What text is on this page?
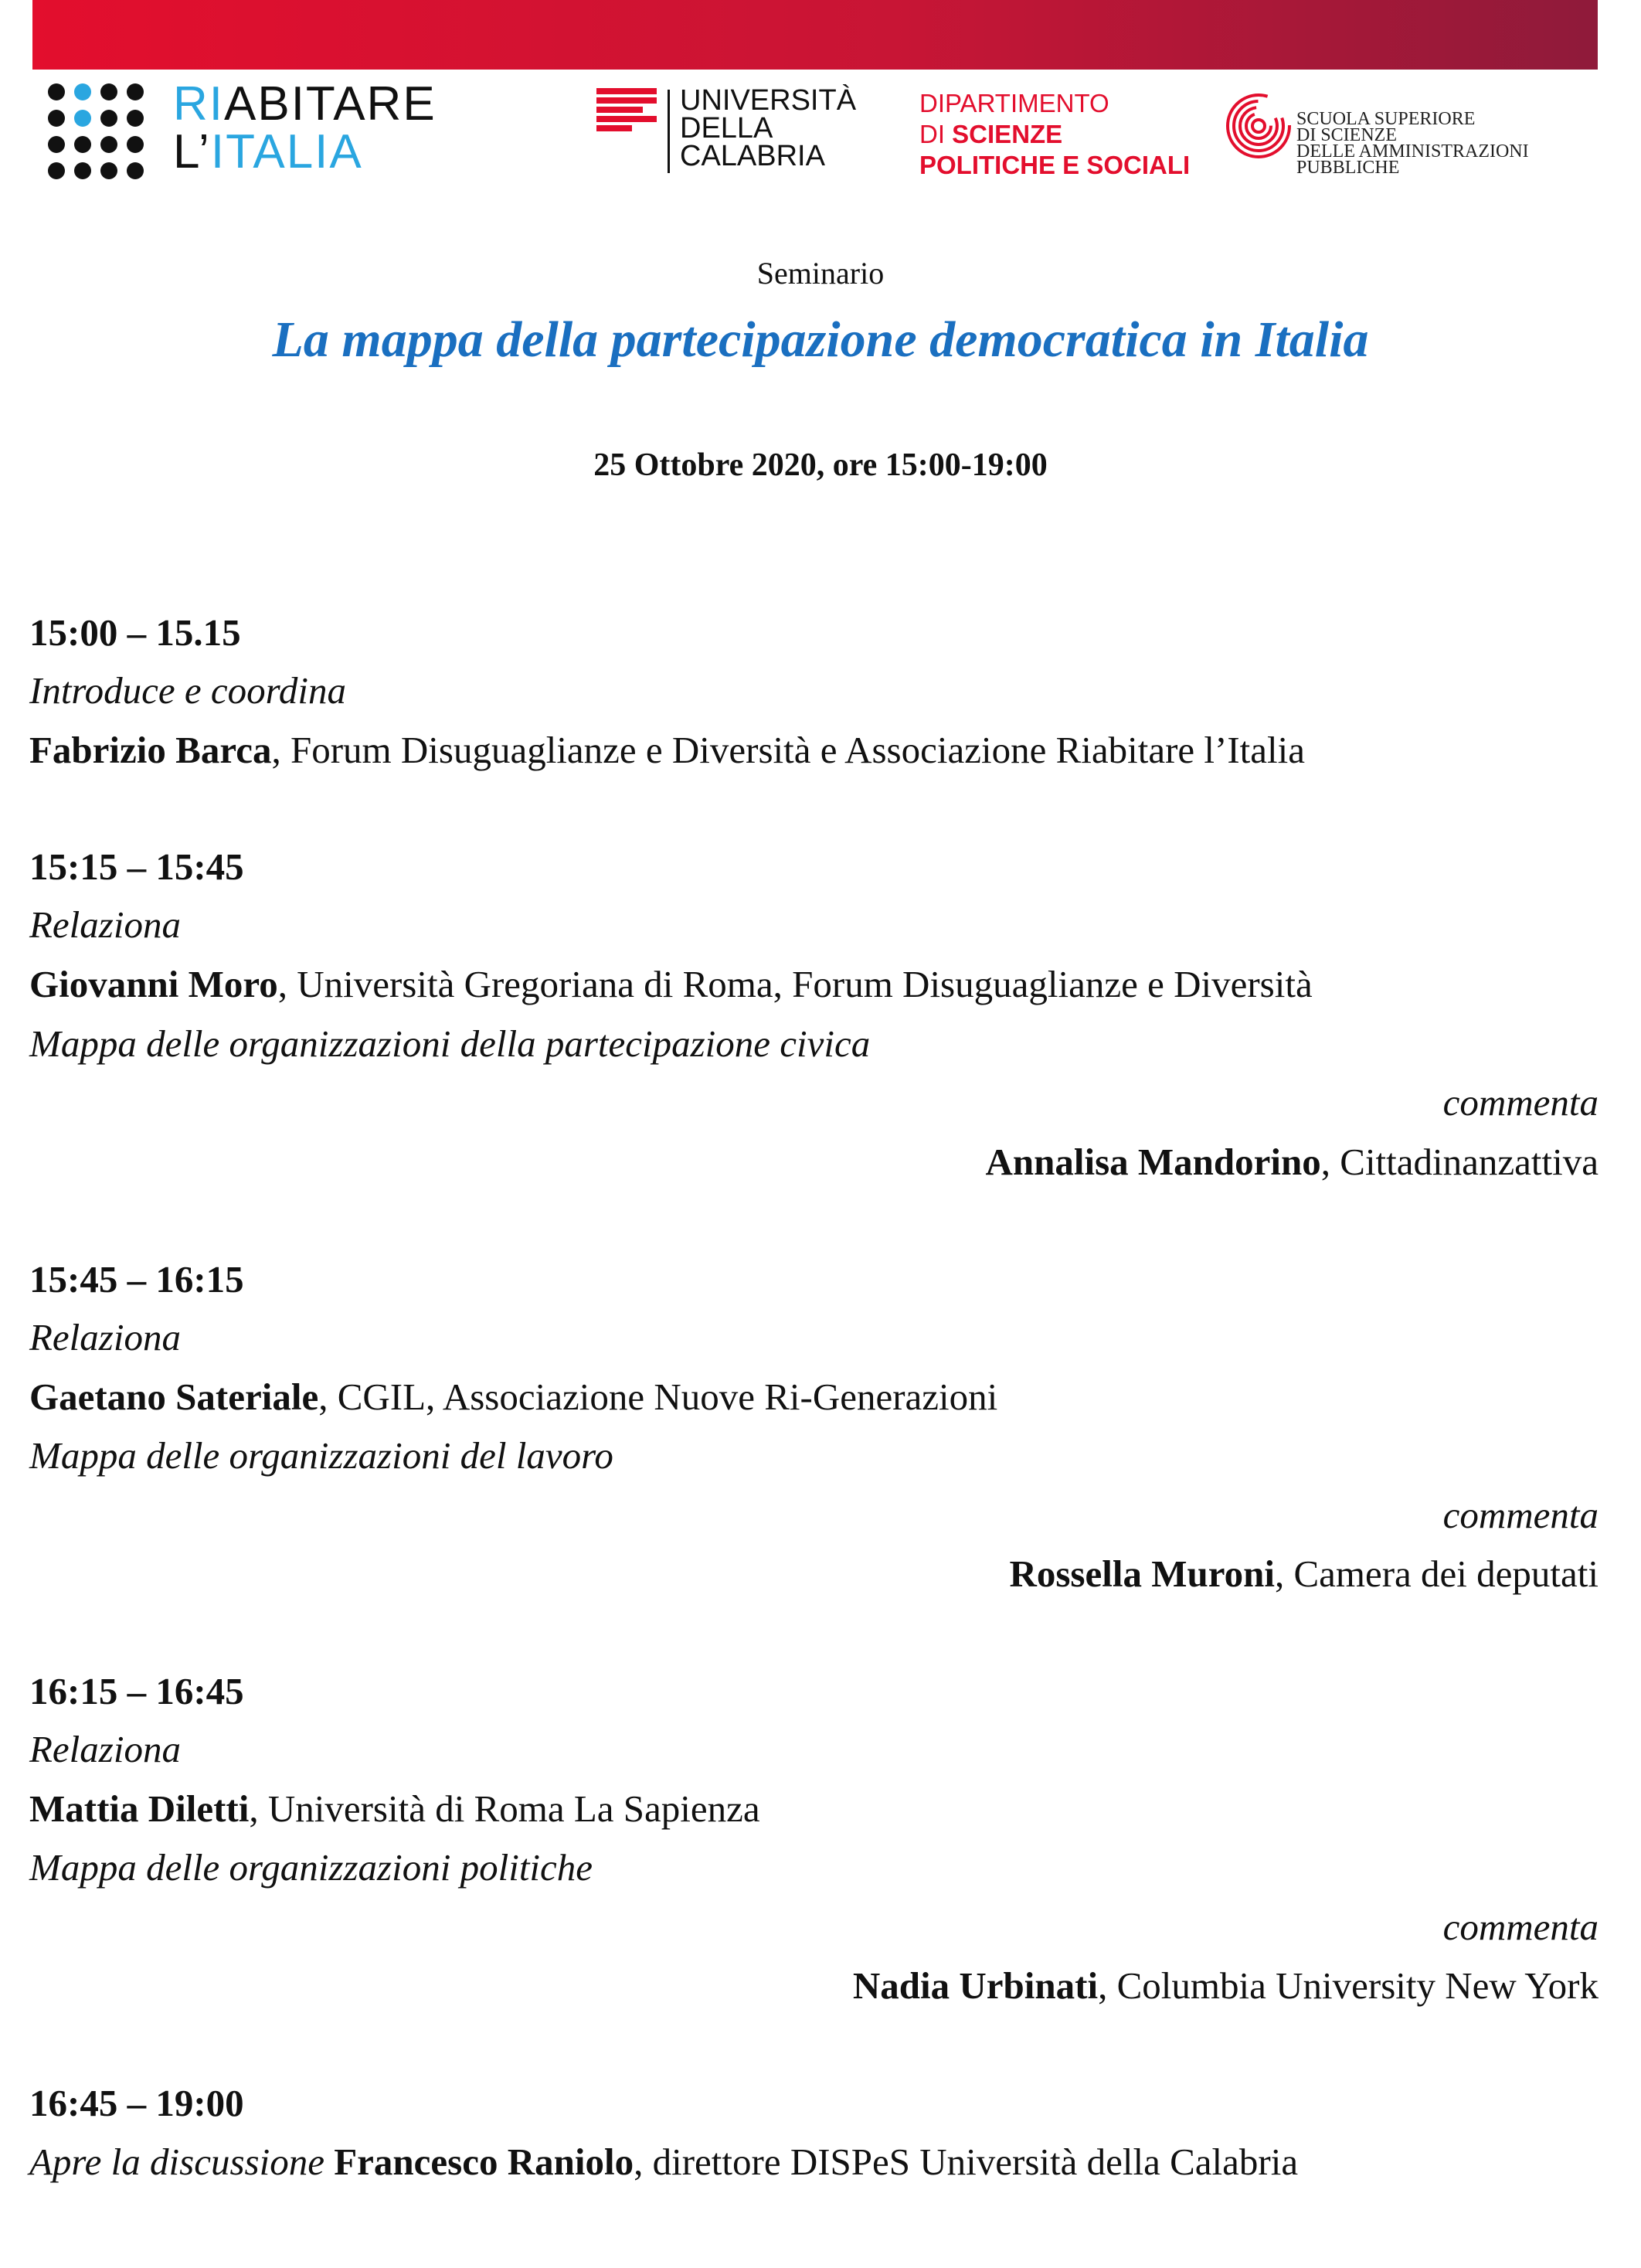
RIABITARE
L’ITALIA
UNIVERSITÀ
DELLA
CALABRIA
DIPARTIMENTO
DI SCIENZE
POLITICHE E SOCIALI
SCUOLA SUPERIORE
DI SCIENZE
DELLE AMMINISTRAZIONI
PUBBLICHE
Seminario
La mappa della partecipazione democratica in Italia
25 Ottobre 2020, ore 15:00-19:00
15:00 – 15.15
Introduce e coordina
Fabrizio Barca, Forum Disuguaglianze e Diversità e Associazione Riabitare l’Italia
15:15 – 15:45
Relaziona
Giovanni Moro, Università Gregoriana di Roma, Forum Disuguaglianze e Diversità
Mappa delle organizzazioni della partecipazione civica
commenta
Annalisa Mandorino, Cittadinanzattiva
15:45 – 16:15
Relaziona
Gaetano Sateriale, CGIL, Associazione Nuove Ri-Generazioni
Mappa delle organizzazioni del lavoro
commenta
Rossella Muroni, Camera dei deputati
16:15 – 16:45
Relaziona
Mattia Diletti, Università di Roma La Sapienza
Mappa delle organizzazioni politiche
commenta
Nadia Urbinati, Columbia University New York
16:45 – 19:00
Apre la discussione Francesco Raniolo, direttore DISPeS Università della Calabria
